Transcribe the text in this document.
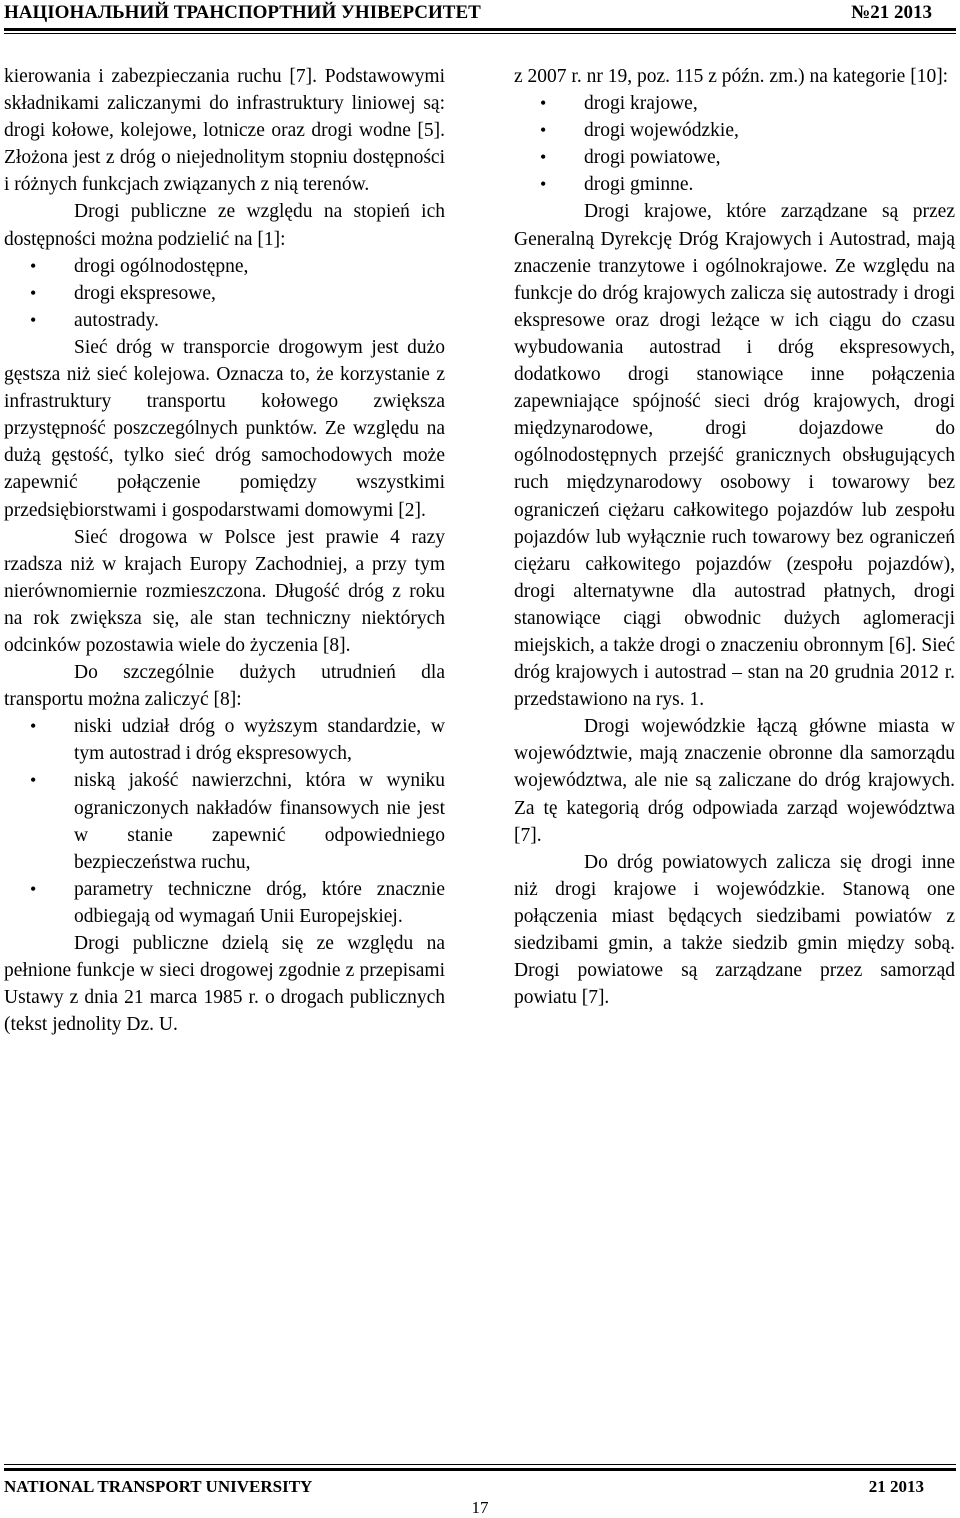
НАЦІОНАЛЬНИЙ ТРАНСПОРТНИЙ УНІВЕРСИТЕТ	№21 2013

kierowania i zabezpieczania ruchu [7]. Podstawowymi składnikami zaliczanymi do infrastruktury liniowej są: drogi kołowe, kolejowe, lotnicze oraz drogi wodne [5]. Złożona jest z dróg o niejednolitym stopniu dostępności i różnych funkcjach związanych z nią terenów.

Drogi publiczne ze względu na stopień ich dostępności można podzielić na [1]:

• drogi ogólnodostępne,
• drogi ekspresowe,
• autostrady.

Sieć dróg w transporcie drogowym jest dużo gęstsza niż sieć kolejowa. Oznacza to, że korzystanie z infrastruktury transportu kołowego zwiększa przystępność poszczególnych punktów. Ze względu na dużą gęstość, tylko sieć dróg samochodowych może zapewnić połączenie pomiędzy wszystkimi przedsiębiorstwami i gospodarstwami domowymi [2].

Sieć drogowa w Polsce jest prawie 4 razy rzadsza niż w krajach Europy Zachodniej, a przy tym nierównomiernie rozmieszczona. Długość dróg z roku na rok zwiększa się, ale stan techniczny niektórych odcinków pozostawia wiele do życzenia [8].

Do szczególnie dużych utrudnień dla transportu można zaliczyć [8]:

• niski udział dróg o wyższym standardzie, w tym autostrad i dróg ekspresowych,
• niską jakość nawierzchni, która w wyniku ograniczonych nakładów finansowych nie jest w stanie zapewnić odpowiedniego bezpieczeństwa ruchu,
• parametry techniczne dróg, które znacznie odbiegają od wymagań Unii Europejskiej.

Drogi publiczne dzielą się ze względu na pełnione funkcje w sieci drogowej zgodnie z przepisami Ustawy z dnia 21 marca 1985 r. o drogach publicznych (tekst jednolity Dz. U.

z 2007 r. nr 19, poz. 115 z późn. zm.) na kategorie [10]:

• drogi krajowe,
• drogi wojewódzkie,
• drogi powiatowe,
• drogi gminne.

Drogi krajowe, które zarządzane są przez Generalną Dyrekcję Dróg Krajowych i Autostrad, mają znaczenie tranzytowe i ogólnokrajowe. Ze względu na funkcje do dróg krajowych zalicza się autostrady i drogi ekspresowe oraz drogi leżące w ich ciągu do czasu wybudowania autostrad i dróg ekspresowych, dodatkowo drogi stanowiące inne połączenia zapewniające spójność sieci dróg krajowych, drogi międzynarodowe, drogi dojazdowe do ogólnodostępnych przejść granicznych obsługujących ruch międzynarodowy osobowy i towarowy bez ograniczeń ciężaru całkowitego pojazdów lub zespołu pojazdów lub wyłącznie ruch towarowy bez ograniczeń ciężaru całkowitego pojazdów (zespołu pojazdów), drogi alternatywne dla autostrad płatnych, drogi stanowiące ciągi obwodnic dużych aglomeracji miejskich, a także drogi o znaczeniu obronnym [6]. Sieć dróg krajowych i autostrad – stan na 20 grudnia 2012 r. przedstawiono na rys. 1.

Drogi wojewódzkie łączą główne miasta w województwie, mają znaczenie obronne dla samorządu województwa, ale nie są zaliczane do dróg krajowych. Za tę kategorią dróg odpowiada zarząd województwa [7].

Do dróg powiatowych zalicza się drogi inne niż drogi krajowe i wojewódzkie. Stanową one połączenia miast będących siedzibami powiatów z siedzibami gmin, a także siedzib gmin między sobą. Drogi powiatowe są zarządzane przez samorząd powiatu [7].

NATIONAL TRANSPORT UNIVERSITY	21 2013
17
